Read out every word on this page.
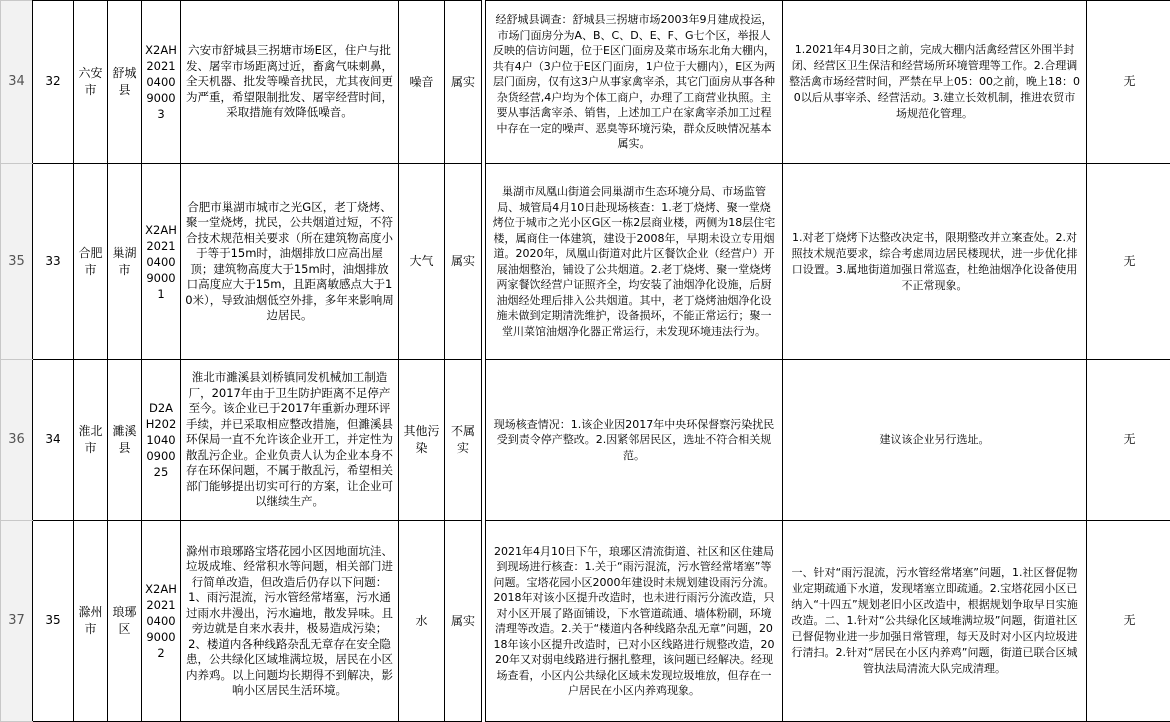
34	32	六安市	舒城县	X2AH2021040090003	六安市舒城县三拐塘市场E区，住户与批发、屠宰市场距离过近，畜禽气味刺鼻，全天机器、批发等噪音扰民，尤其夜间更为严重，希望限制批发、屠宰经营时间，采取措施有效降低噪音。	噪音	属实		经舒城县调查：舒城县三拐塘市场2003年9月建成投运，市场门面房分为A、B、C、D、E、F、G七个区，举报人反映的信访问题，位于E区门面房及菜市场东北角大棚内，共有4户（3户位于E区门面房，1户位于大棚内），E区为两层门面房，仅有这3户从事家禽宰杀，其它门面房从事各种杂货经营,4户均为个体工商户，办理了工商营业执照。主要从事活禽宰杀、销售，上述加工户在家禽宰杀加工过程中存在一定的噪声、恶臭等环境污染，群众反映情况基本属实。	1.2021年4月30日之前，完成大棚内活禽经营区外围半封闭、经营区卫生保洁和经营场所环境管理等工作。2.合理调整活禽市场经营时间，严禁在早上05：00之前，晚上18：00以后从事宰杀、经营活动。3.建立长效机制，推进农贸市场规范化管理。	无
35	33	合肥市	巢湖市	X2AH2021040090001	合肥市巢湖市城市之光G区，老丁烧烤、聚一堂烧烤，扰民，公共烟道过短，不符合技术规范相关要求（所在建筑物高度小于等于15m时，油烟排放口应高出屋顶；建筑物高度大于15m时，油烟排放口高度应大于15m，且距离敏感点大于10米），导致油烟低空外排，多年来影响周边居民。	大气	属实		巢湖市凤凰山街道会同巢湖市生态环境分局、市场监管局、城管局4月10日赴现场核查：1.老丁烧烤、聚一堂烧烤位于城市之光小区G区一栋2层商业楼，两侧为18层住宅楼，属商住一体建筑，建设于2008年，早期未设立专用烟道。2020年，凤凰山街道对此片区餐饮企业（经营户）开展油烟整治，铺设了公共烟道。2.老丁烧烤、聚一堂烧烤两家餐饮经营户证照齐全，均安装了油烟净化设施，后厨油烟经处理后排入公共烟道。其中，老丁烧烤油烟净化设施未做到定期清洗维护，设备损坏，不能正常运行；聚一堂川菜馆油烟净化器正常运行，未发现环境违法行为。	1.对老丁烧烤下达整改决定书，限期整改并立案查处。2.对照技术规范要求，综合考虑周边居民楼现状，进一步优化排口设置。3.属地街道加强日常巡查，杜绝油烟净化设备使用不正常现象。	无
36	34	淮北市	濉溪县	D2AH2021040090025	淮北市濉溪县刘桥镇同发机械加工制造厂，2017年由于卫生防护距离不足停产至今。该企业已于2017年重新办理环评手续，并已采取相应整改措施，但濉溪县环保局一直不允许该企业开工，并定性为散乱污企业。企业负责人认为企业本身不存在环保问题，不属于散乱污，希望相关部门能够提出切实可行的方案，让企业可以继续生产。	其他污染	不属实		现场核查情况：1.该企业因2017年中央环保督察污染扰民受到责令停产整改。2.因紧邻居民区，选址不符合相关规范。	建议该企业另行选址。	无
37	35	滁州市	琅琊区	X2AH2021040090002	滁州市琅琊路宝塔花园小区因地面坑洼、垃圾成堆、经常积水等问题，相关部门进行简单改造，但改造后仍存以下问题：1、雨污混流，污水管经常堵塞，污水通过雨水井漫出，污水遍地，散发异味。且旁边就是自来水表井，极易造成污染；2、楼道内各种线路杂乱无章存在安全隐患，公共绿化区域堆满垃圾，居民在小区内养鸡。以上问题均长期得不到解决，影响小区居民生活环境。	水	属实		2021年4月10日下午，琅琊区清流街道、社区和区住建局到现场进行核查：1.关于“雨污混流，污水管经常堵塞”等问题。宝塔花园小区2000年建设时未规划建设雨污分流。2018年对该小区提升改造时，也未进行雨污分流改造，只对小区开展了路面铺设，下水管道疏通、墙体粉刷，环境清理等改造。2.关于“楼道内各种线路杂乱无章”问题，2018年该小区提升改造时，已对小区线路进行规整改造，2020年又对弱电线路进行捆扎整理，该问题已经解决。经现场查看，小区内公共绿化区域未发现垃圾堆放，但存在一户居民在小区内养鸡现象。	一、针对“雨污混流，污水管经常堵塞”问题，1.社区督促物业定期疏通下水道，发现堵塞立即疏通。2.宝塔花园小区已纳入“十四五”规划老旧小区改造中，根据规划争取早日实施改造。二、1.针对“公共绿化区域堆满垃圾”问题，街道社区已督促物业进一步加强日常管理，每天及时对小区内垃圾进行清扫。2.针对“居民在小区内养鸡”问题，街道已联合区城管执法局清流大队完成清理。	无
